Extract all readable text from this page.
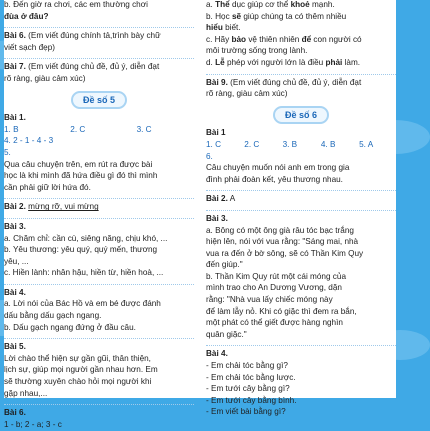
b. Đến giờ ra chơi, các em thường chơi

đùa ở đâu?

Bài 6. (Em viết đúng chính tả,trình bày chữ

viết sạch đẹp)

Bài 7. (Em viết đúng chủ đề, đủ ý, diễn đạt

rõ ràng, giàu cảm xúc)

Đề số 5

Bài 1.

1. B	2. C	3. C

4. 2 - 1 - 4 - 3

5.

Qua câu chuyện trên, em rút ra được bài

học là khi mình đã hứa điều gì đó thì mình

cần phải giữ lời hứa đó.

Bài 2. mừng rỡ, vui mừng

Bài 3.

a. Chăm chỉ: cần cù, siêng năng, chịu khó, ...

b. Yêu thương: yêu quý, quý mến, thương

yêu, ...

c. Hiền lành: nhân hậu, hiền từ, hiền hoà, ...

Bài 4.

a. Lời nói của Bác Hồ và em bé được đánh

dấu bằng dấu gạch ngang.

b. Dấu gạch ngang đứng ở đầu câu.

Bài 5.

Lời chào thể hiện sự gần gũi, thân thiện,

lịch sự, giúp mọi người gần nhau hơn. Em

sẽ thường xuyên chào hỏi mọi người khi

gặp nhau,...

Bài 6.

1 - b; 2 - a; 3 - c

a. Thể dục giúp cơ thể khoẻ mạnh.

b. Học sẽ giúp chúng ta có thêm nhiều

hiểu biết.

c. Hãy bảo vệ thiên nhiên để con người có

môi trường sống trong lành.

d. Lễ phép với người lớn là điều phải làm.

Bài 9. (Em viết đúng chủ đề, đủ ý, diễn đạt

rõ ràng, giàu cảm xúc)

Đề số 6

Bài 1

1. C	2. C	3. B	4. B	5. A

6.

Câu chuyện muốn nói anh em trong gia

đình phải đoàn kết, yêu thương nhau.

Bài 2. A

Bài 3.

a. Bông có một ông già râu tóc bạc trắng

hiện lên, nói với vua rằng: "Sáng mai, nhà

vua ra đến ở bờ sông, sẽ có Thần Kim Quy

đến giúp."

b. Thần Kim Quy rút một cái móng của

mình trao cho An Dương Vương, dặn

rằng: "Nhà vua lấy chiếc móng này

để làm lẫy nỏ. Khi có giặc thì đem ra bắn,

một phát có thể giết được hàng nghìn

quân giặc."

Bài 4.

- Em chải tóc bằng gì?

- Em chải tóc bằng lược.

- Em tưới cây bằng gì?

- Em tưới cây bằng bình.

- Em viết bài bằng gì?
